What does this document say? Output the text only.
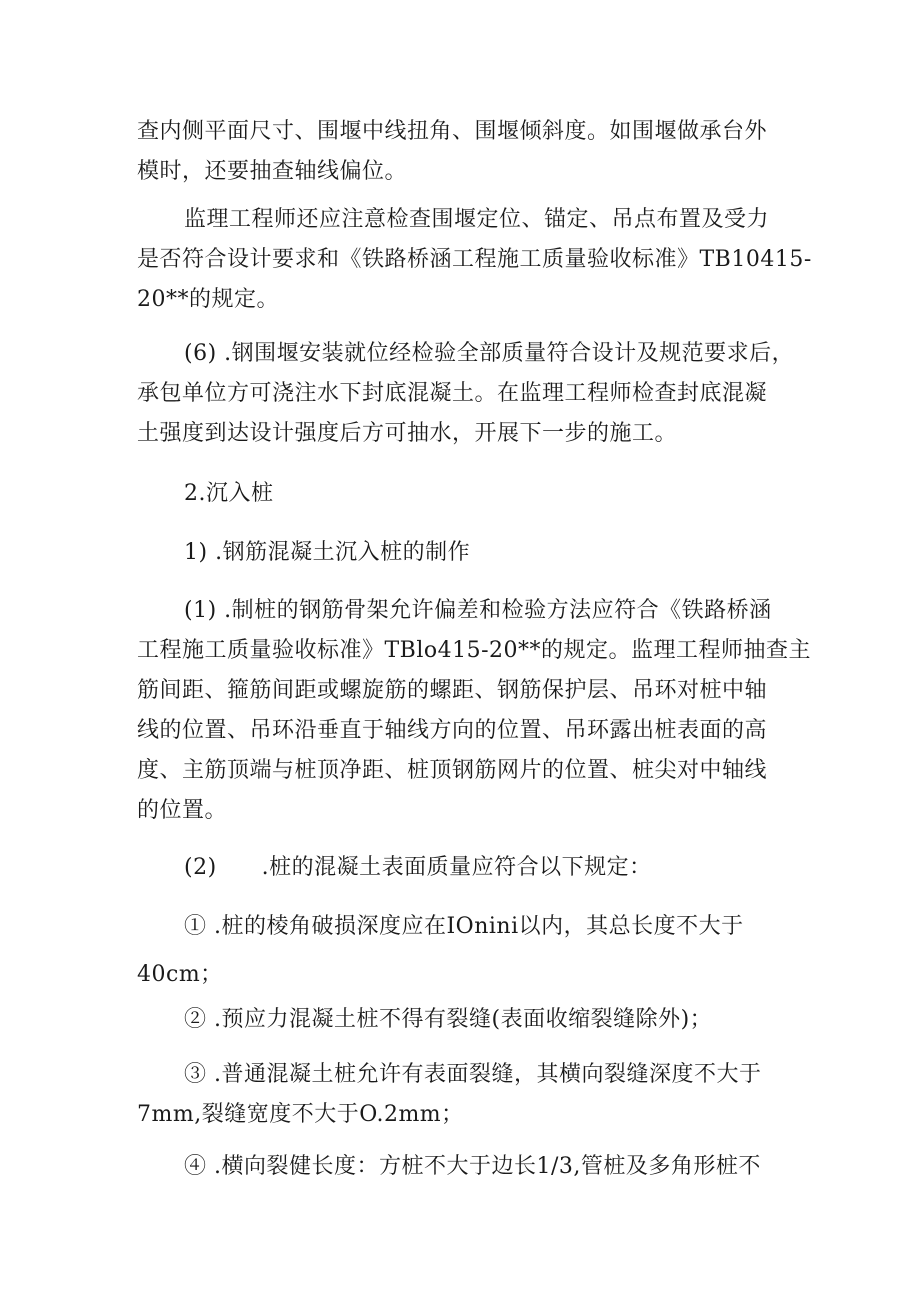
查内侧平面尺寸、围堰中线扭角、围堰倾斜度。如围堰做承台外

模时，还要抽查轴线偏位。

监理工程师还应注意检查围堰定位、锚定、吊点布置及受力

是否符合设计要求和《铁路桥涵工程施工质量验收标准》TB10415-

20**的规定。

(6) .钢围堰安装就位经检验全部质量符合设计及规范要求后，

承包单位方可浇注水下封底混凝土。在监理工程师检查封底混凝

土强度到达设计强度后方可抽水，开展下一步的施工。

2.沉入桩

1) .钢筋混凝土沉入桩的制作

(1) .制桩的钢筋骨架允许偏差和检验方法应符合《铁路桥涵

工程施工质量验收标准》TBlo415-20**的规定。监理工程师抽查主

筋间距、箍筋间距或螺旋筋的螺距、钢筋保护层、吊环对桩中轴

线的位置、吊环沿垂直于轴线方向的位置、吊环露出桩表面的高

度、主筋顶端与桩顶净距、桩顶钢筋网片的位置、桩尖对中轴线

的位置。

(2)　　.桩的混凝土表面质量应符合以下规定：

① .桩的棱角破损深度应在IOnini以内，其总长度不大于

40cm；

② .预应力混凝土桩不得有裂缝(表面收缩裂缝除外)；

③ .普通混凝土桩允许有表面裂缝，其横向裂缝深度不大于

7mm,裂缝宽度不大于O.2mm；

④ .横向裂健长度：方桩不大于边长1/3,管桩及多角形桩不
